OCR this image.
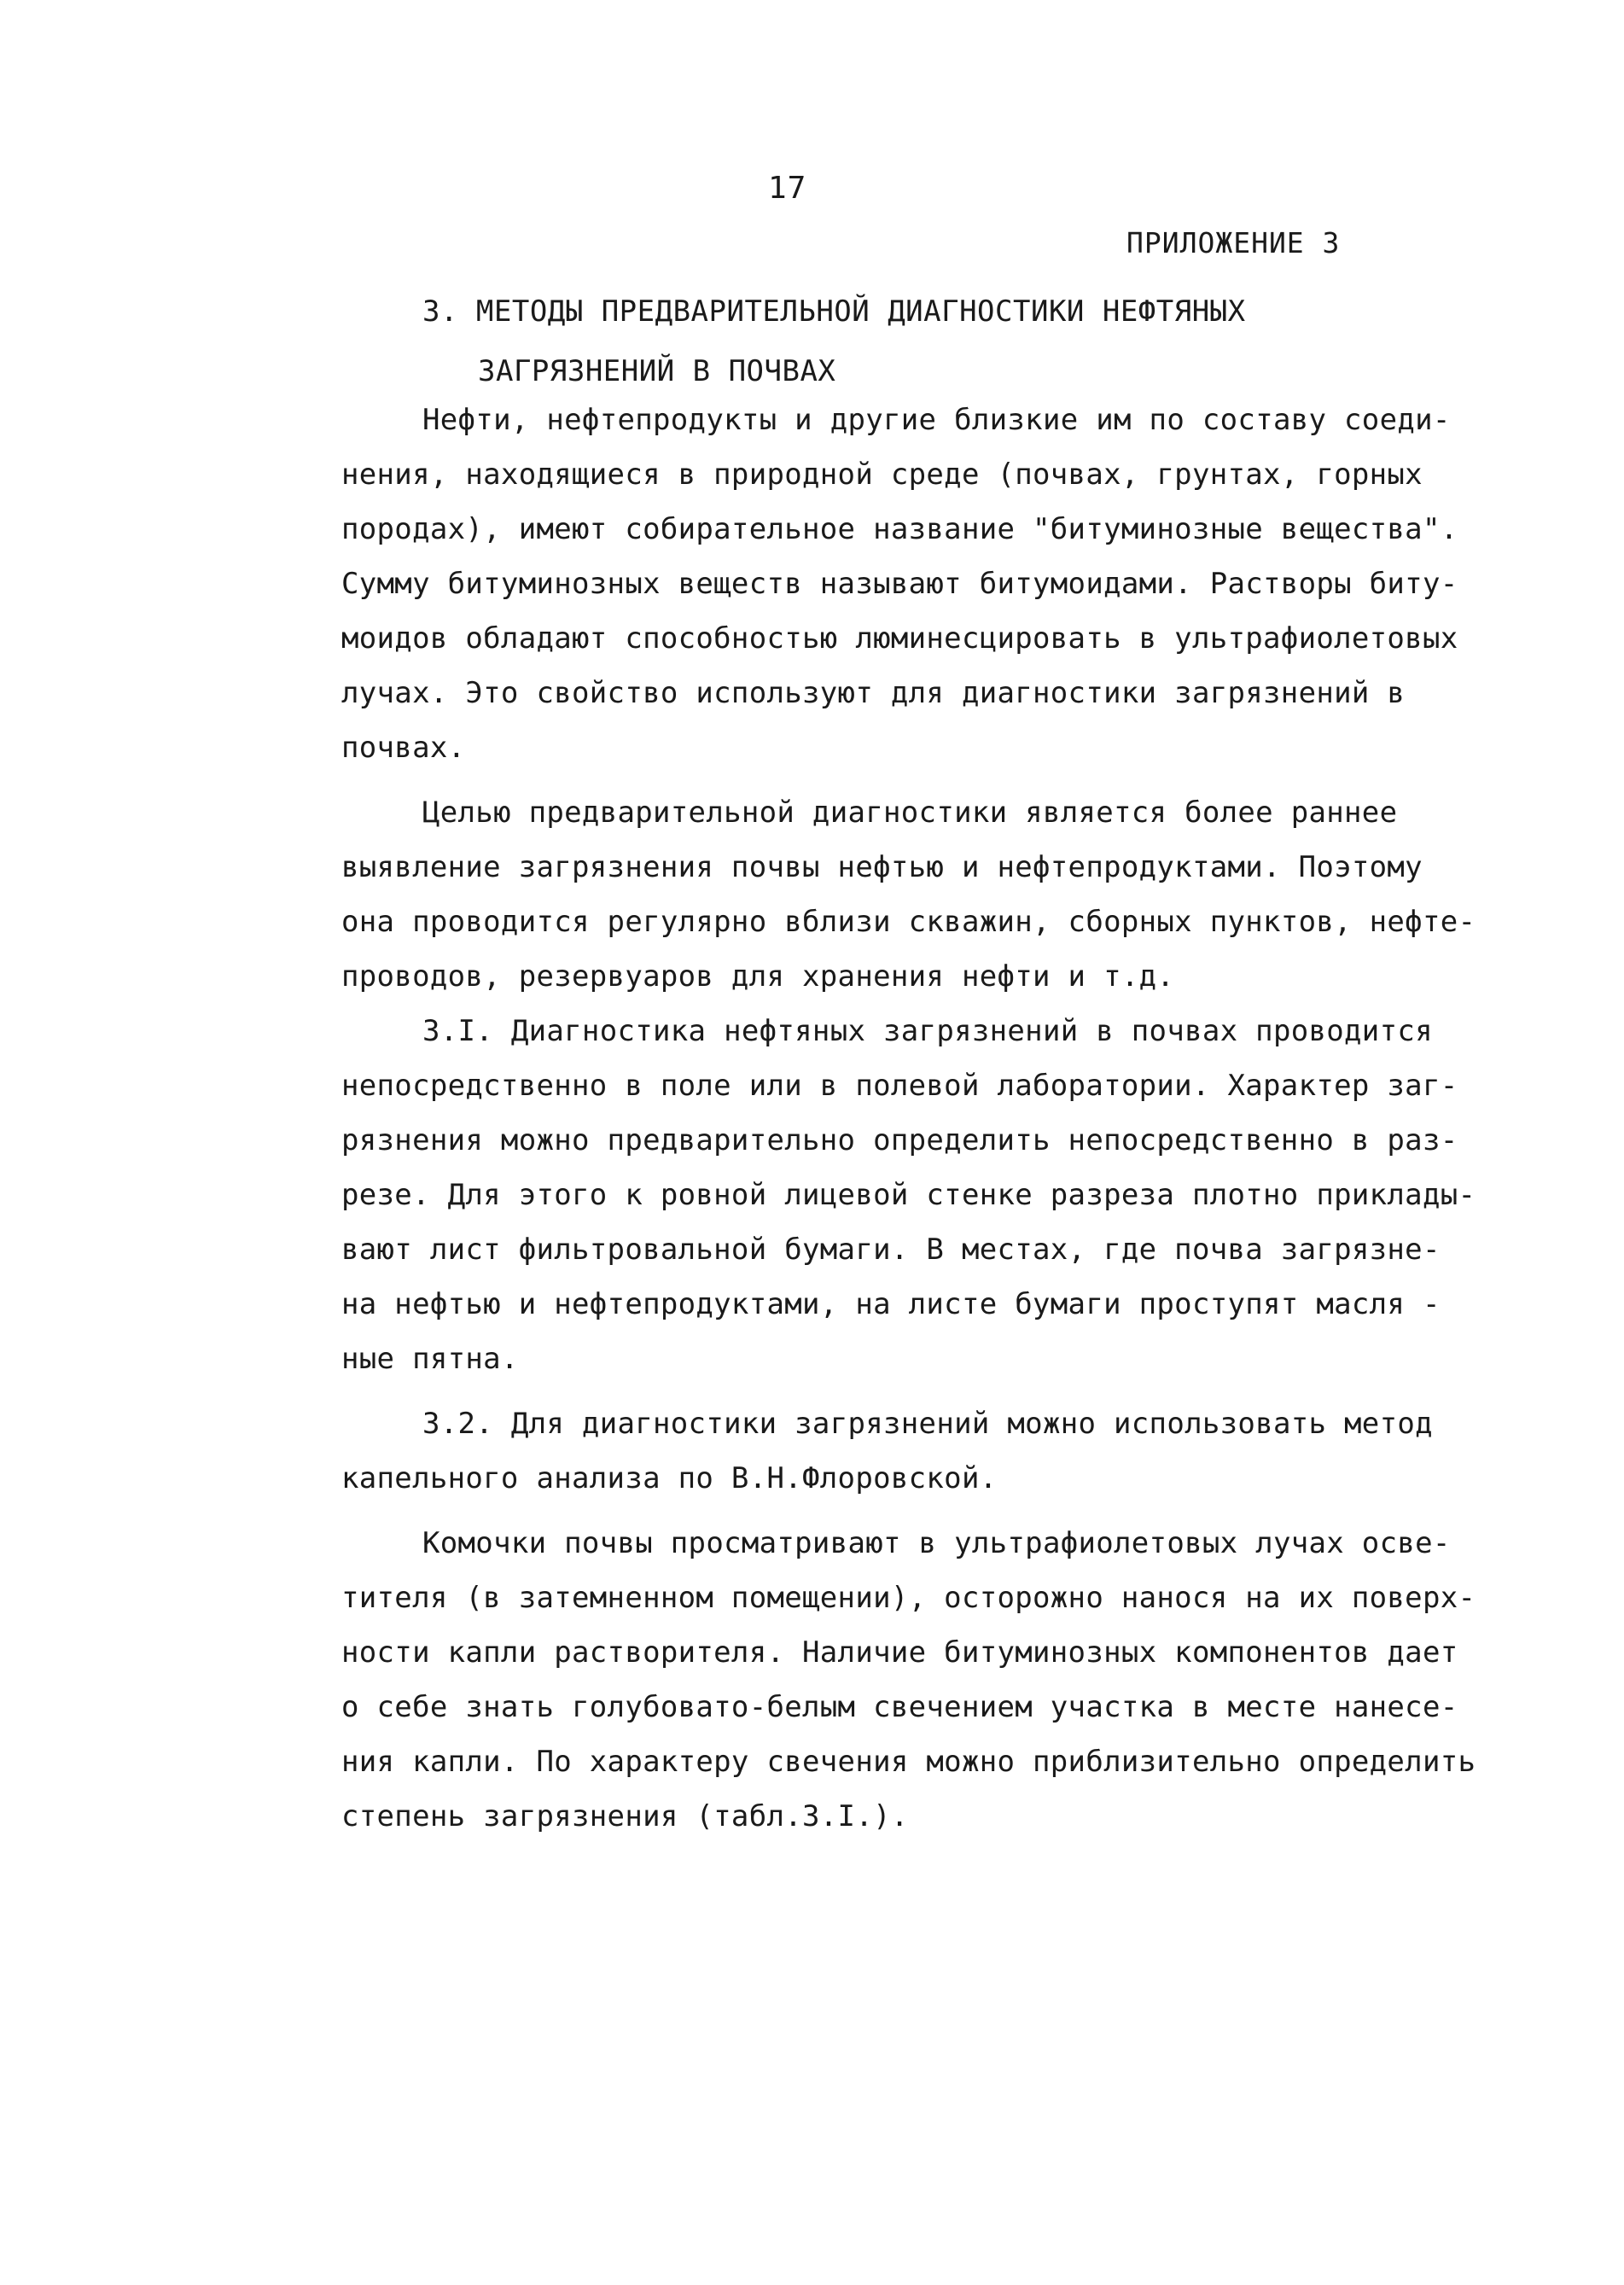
17
ПРИЛОЖЕНИЕ 3
3. МЕТОДЫ ПРЕДВАРИТЕЛЬНОЙ ДИАГНОСТИКИ НЕФТЯНЫХ
ЗАГРЯЗНЕНИЙ В ПОЧВАХ
Нефти, нефтепродукты и другие близкие им по составу соеди-
нения, находящиеся в природной среде (почвах, грунтах, горных
породах), имеют собирательное название "битуминозные вещества".
Сумму битуминозных веществ называют битумоидами. Растворы биту-
моидов обладают способностью люминесцировать в ультрафиолетовых
лучах. Это свойство используют для диагностики загрязнений в
почвах.
Целью предварительной диагностики является более раннее
выявление загрязнения почвы нефтью и нефтепродуктами. Поэтому
она проводится регулярно вблизи скважин, сборных пунктов, нефте-
проводов, резервуаров для хранения нефти и т.д.
3.I. Диагностика нефтяных загрязнений в почвах проводится
непосредственно в поле или в полевой лаборатории. Характер заг-
рязнения можно предварительно определить непосредственно в раз-
резе. Для этого к ровной лицевой стенке разреза плотно приклады-
вают лист фильтровальной бумаги. В местах, где почва загрязне-
на нефтью и нефтепродуктами, на листе бумаги проступят масля -
ные пятна.
3.2. Для диагностики загрязнений можно использовать метод
капельного анализа по В.Н.Флоровской.
Комочки почвы просматривают в ультрафиолетовых лучах осве-
тителя (в затемненном помещении), осторожно нанося на их поверх-
ности капли растворителя. Наличие битуминозных компонентов дает
о себе знать голубовато-белым свечением участка в месте нанесе-
ния капли. По характеру свечения можно приблизительно определить
степень загрязнения (табл.3.I.).
